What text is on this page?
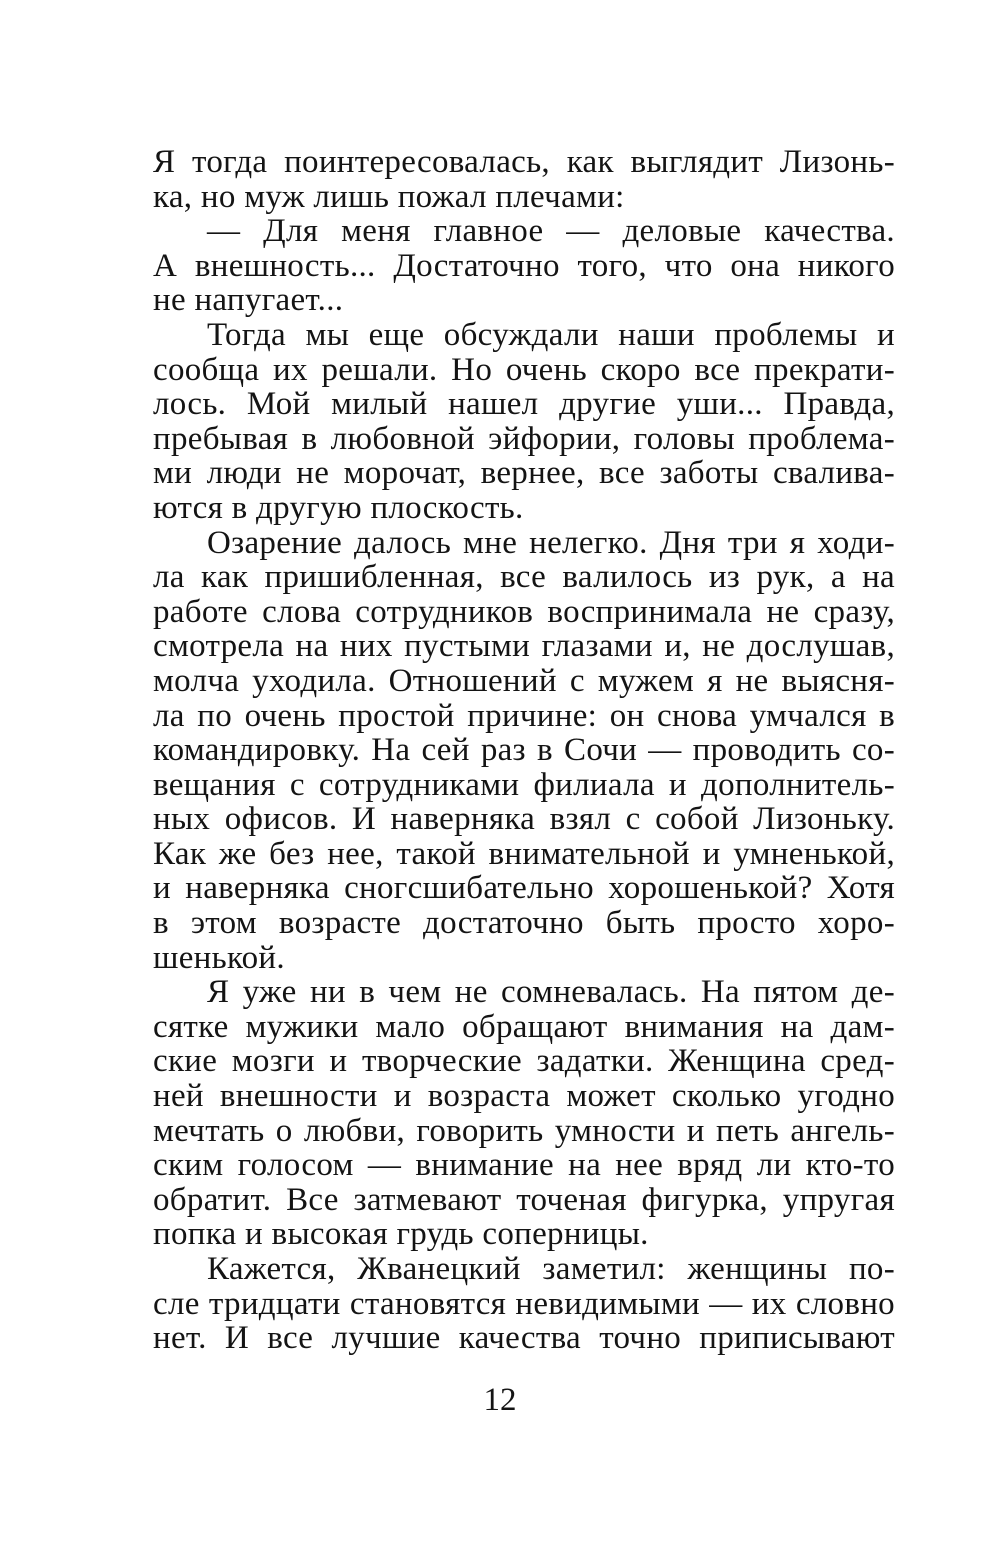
Я тогда поинтересовалась, как выглядит Лизонь-
ка, но муж лишь пожал плечами:
— Для меня главное — деловые качества.
А внешность... Достаточно того, что она никого
не напугает...
Тогда мы еще обсуждали наши проблемы и
сообща их решали. Но очень скоро все прекрати-
лось. Мой милый нашел другие уши... Правда,
пребывая в любовной эйфории, головы проблема-
ми люди не морочат, вернее, все заботы свалива-
ются в другую плоскость.
Озарение далось мне нелегко. Дня три я ходи-
ла как пришибленная, все валилось из рук, а на
работе слова сотрудников воспринимала не сразу,
смотрела на них пустыми глазами и, не дослушав,
молча уходила. Отношений с мужем я не выясня-
ла по очень простой причине: он снова умчался в
командировку. На сей раз в Сочи — проводить со-
вещания с сотрудниками филиала и дополнитель-
ных офисов. И наверняка взял с собой Лизоньку.
Как же без нее, такой внимательной и умненькой,
и наверняка сногсшибательно хорошенькой? Хотя
в этом возрасте достаточно быть просто хоро-
шенькой.
Я уже ни в чем не сомневалась. На пятом де-
сятке мужики мало обращают внимания на дам-
ские мозги и творческие задатки. Женщина сред-
ней внешности и возраста может сколько угодно
мечтать о любви, говорить умности и петь ангель-
ским голосом — внимание на нее вряд ли кто-то
обратит. Все затмевают точеная фигурка, упругая
попка и высокая грудь соперницы.
Кажется, Жванецкий заметил: женщины по-
сле тридцати становятся невидимыми — их словно
нет. И все лучшие качества точно приписывают
12
